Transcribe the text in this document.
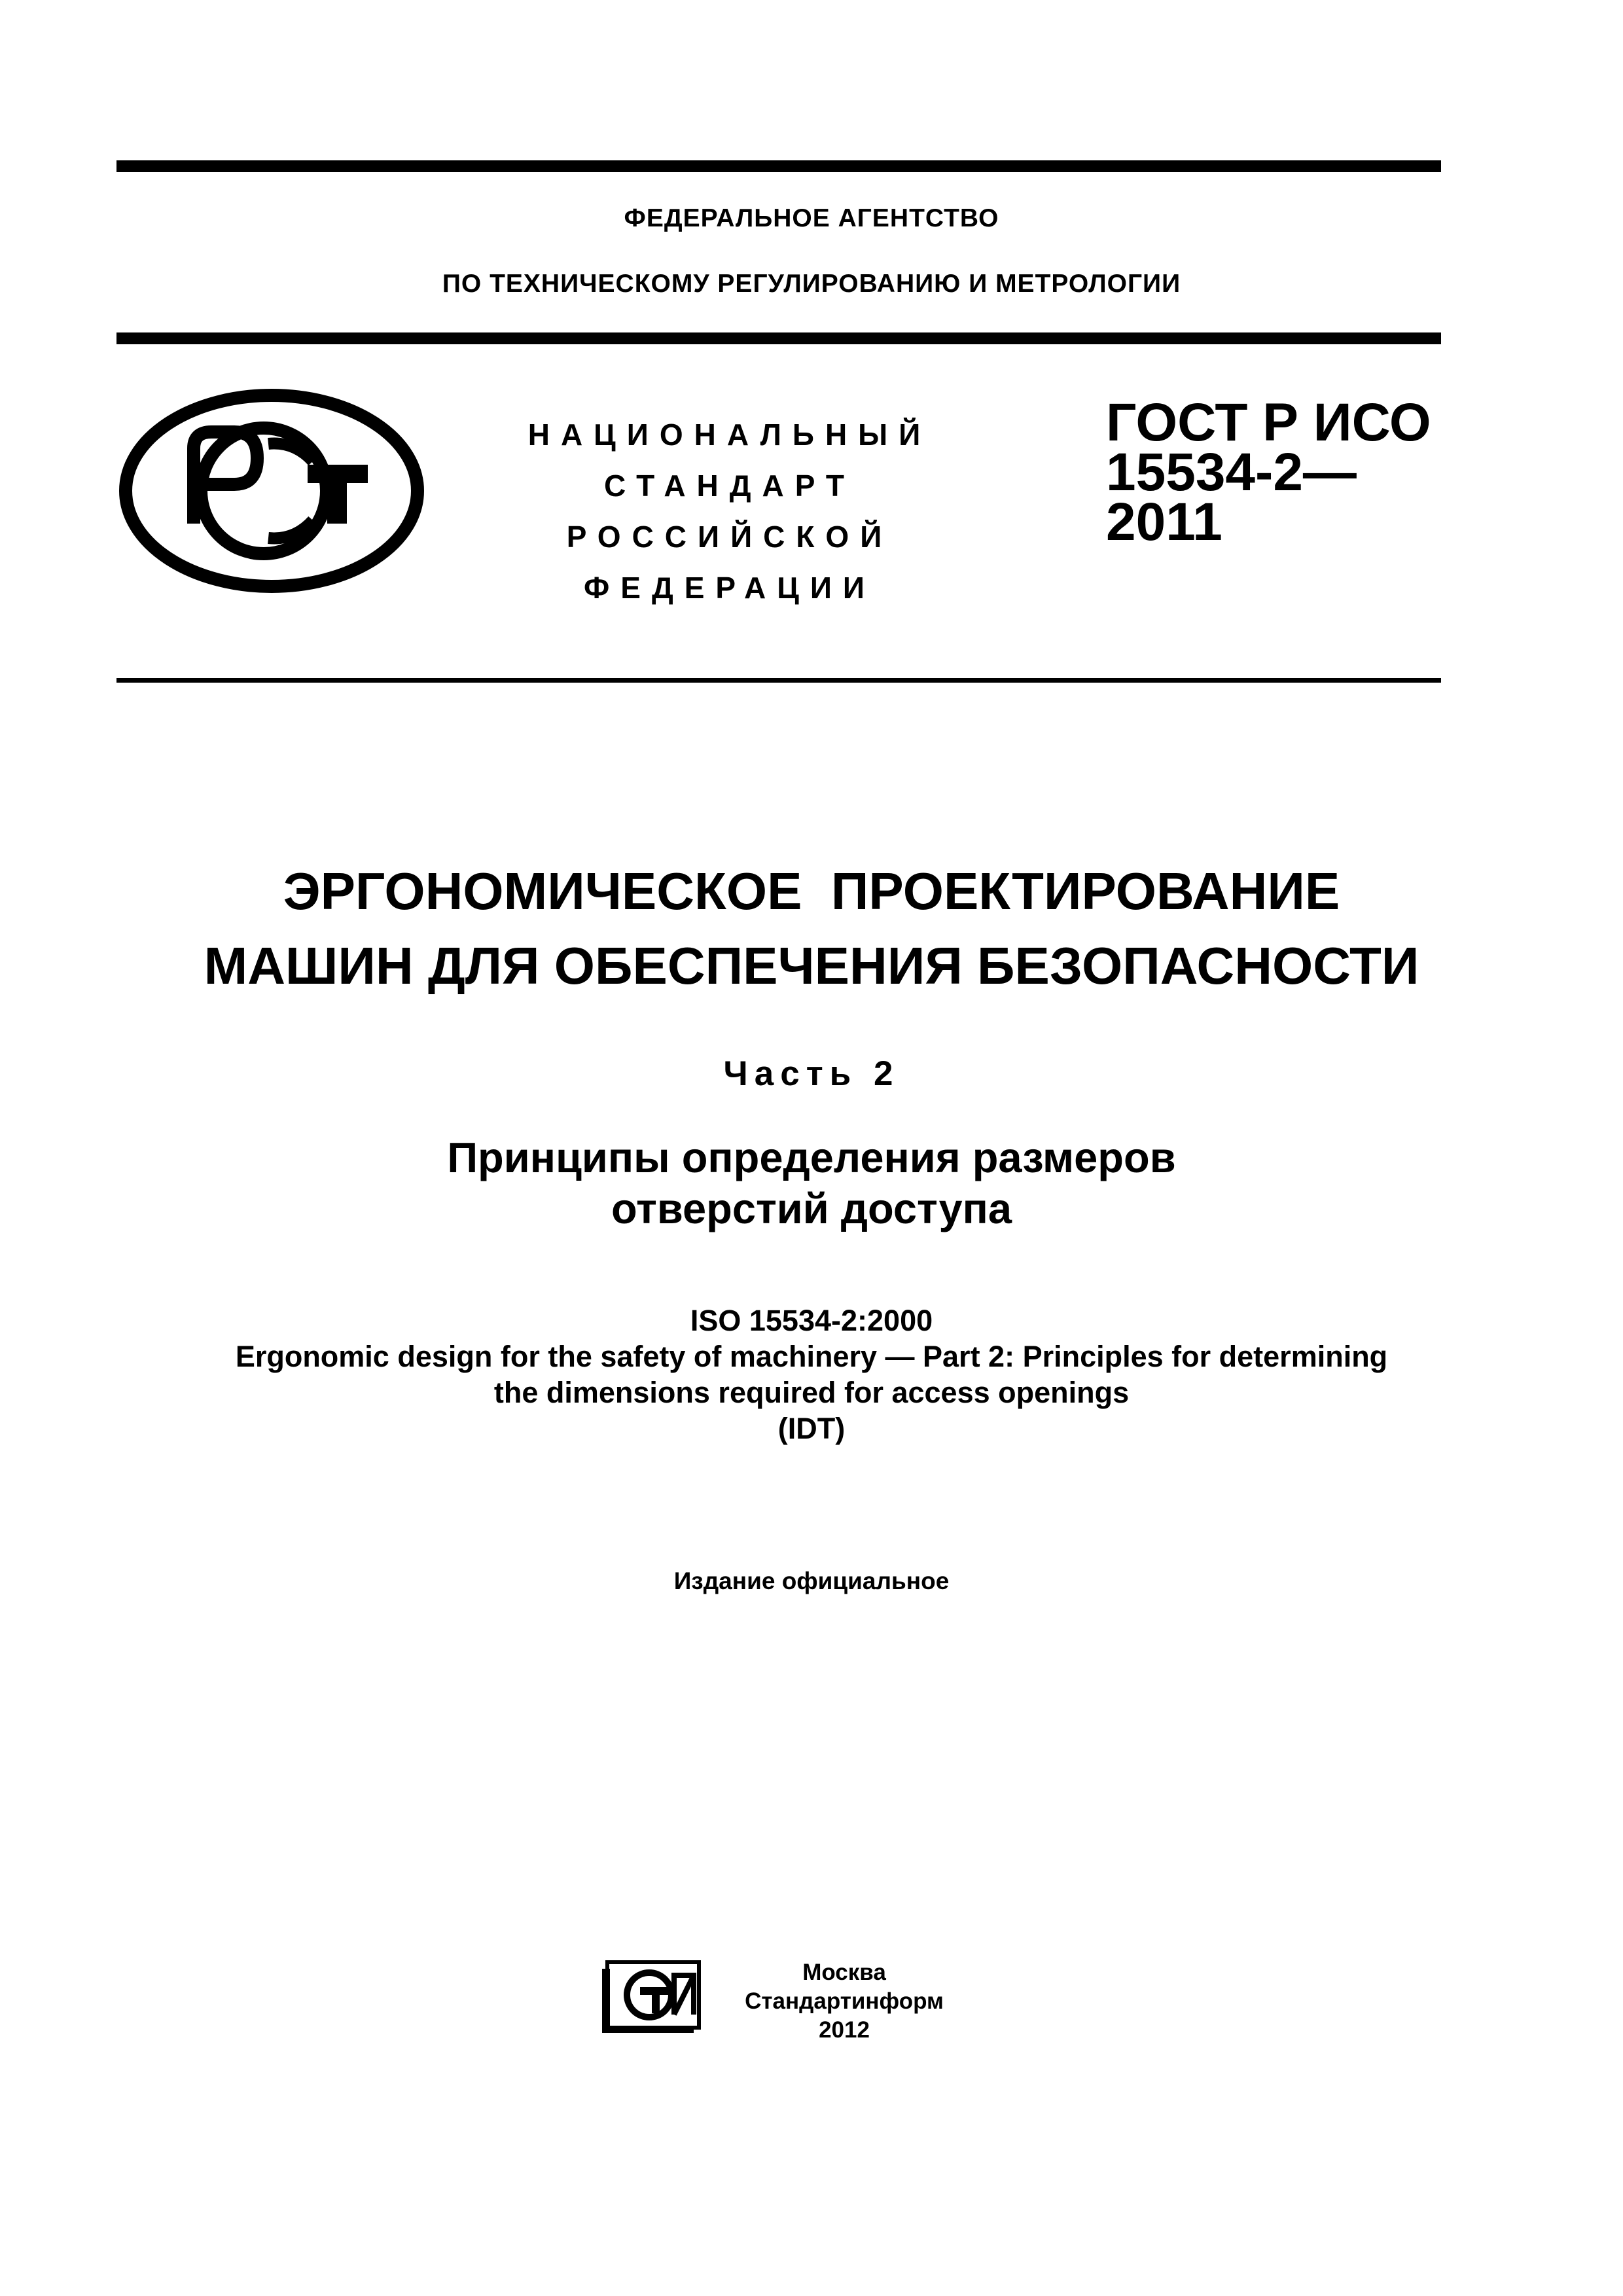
ФЕДЕРАЛЬНОЕ АГЕНТСТВО
ПО ТЕХНИЧЕСКОМУ РЕГУЛИРОВАНИЮ И МЕТРОЛОГИИ
НАЦИОНАЛЬНЫЙ
СТАНДАРТ
РОССИЙСКОЙ
ФЕДЕРАЦИИ
ГОСТ Р ИСО
15534-2—
2011
ЭРГОНОМИЧЕСКОЕ  ПРОЕКТИРОВАНИЕ
МАШИН ДЛЯ ОБЕСПЕЧЕНИЯ БЕЗОПАСНОСТИ
Часть 2
Принципы определения размеров
отверстий доступа
ISO 15534-2:2000
Ergonomic design for the safety of machinery — Part 2: Principles for determining
the dimensions required for access openings
(IDT)
Издание официальное
Москва
Стандартинформ
2012
